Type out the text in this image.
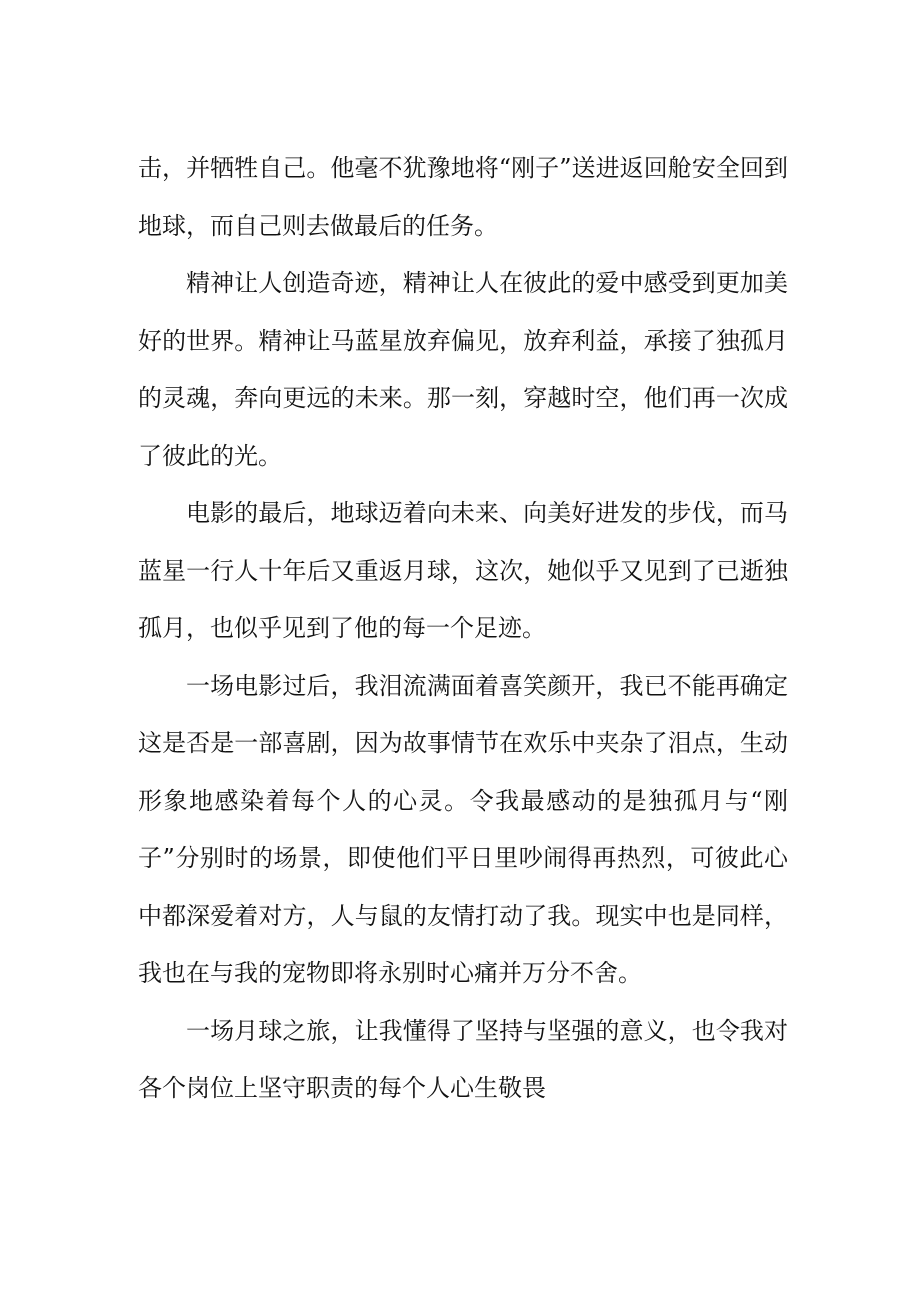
击，并牺牲自己。他毫不犹豫地将“刚子”送进返回舱安全回到地球，而自己则去做最后的任务。

精神让人创造奇迹，精神让人在彼此的爱中感受到更加美好的世界。精神让马蓝星放弃偏见，放弃利益，承接了独孤月的灵魂，奔向更远的未来。那一刻，穿越时空，他们再一次成了彼此的光。

电影的最后，地球迈着向未来、向美好进发的步伐，而马蓝星一行人十年后又重返月球，这次，她似乎又见到了已逝独孤月，也似乎见到了他的每一个足迹。

一场电影过后，我泪流满面着喜笑颜开，我已不能再确定这是否是一部喜剧，因为故事情节在欢乐中夹杂了泪点，生动形象地感染着每个人的心灵。令我最感动的是独孤月与“刚子”分别时的场景，即使他们平日里吵闹得再热烈，可彼此心中都深爱着对方，人与鼠的友情打动了我。现实中也是同样，我也在与我的宠物即将永别时心痛并万分不舍。

一场月球之旅，让我懂得了坚持与坚强的意义，也令我对各个岗位上坚守职责的每个人心生敬畏
